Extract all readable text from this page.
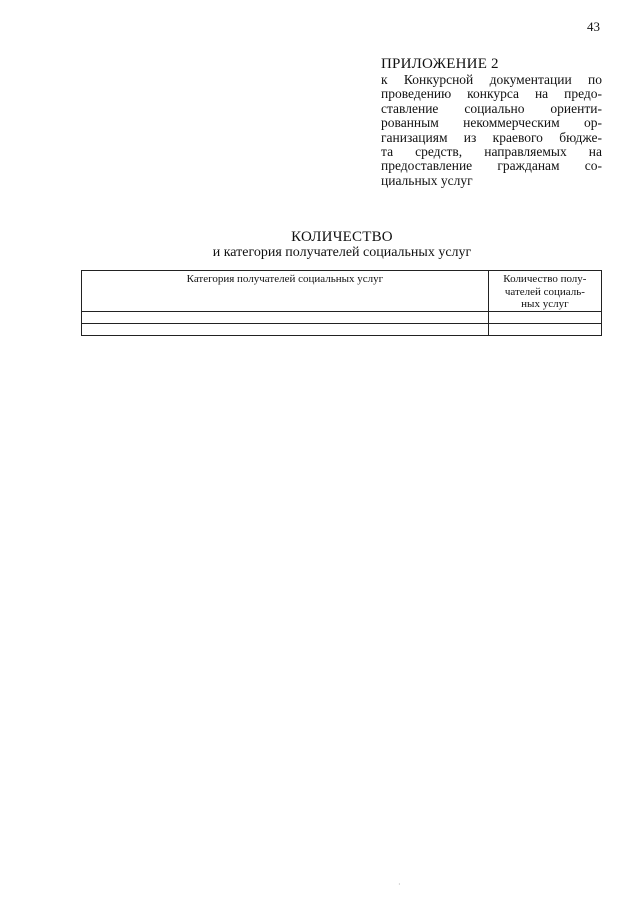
43
ПРИЛОЖЕНИЕ 2
к Конкурсной документации по
проведению конкурса на предо-
ставление социально ориенти-
рованным некоммерческим ор-
ганизациям из краевого бюдже-
та средств, направляемых на
предоставление гражданам со-
циальных услуг
КОЛИЧЕСТВО
и категория получателей социальных услуг
Категория получателей социальных услуг	Количество полу-
чателей социаль-
ных услуг

·
